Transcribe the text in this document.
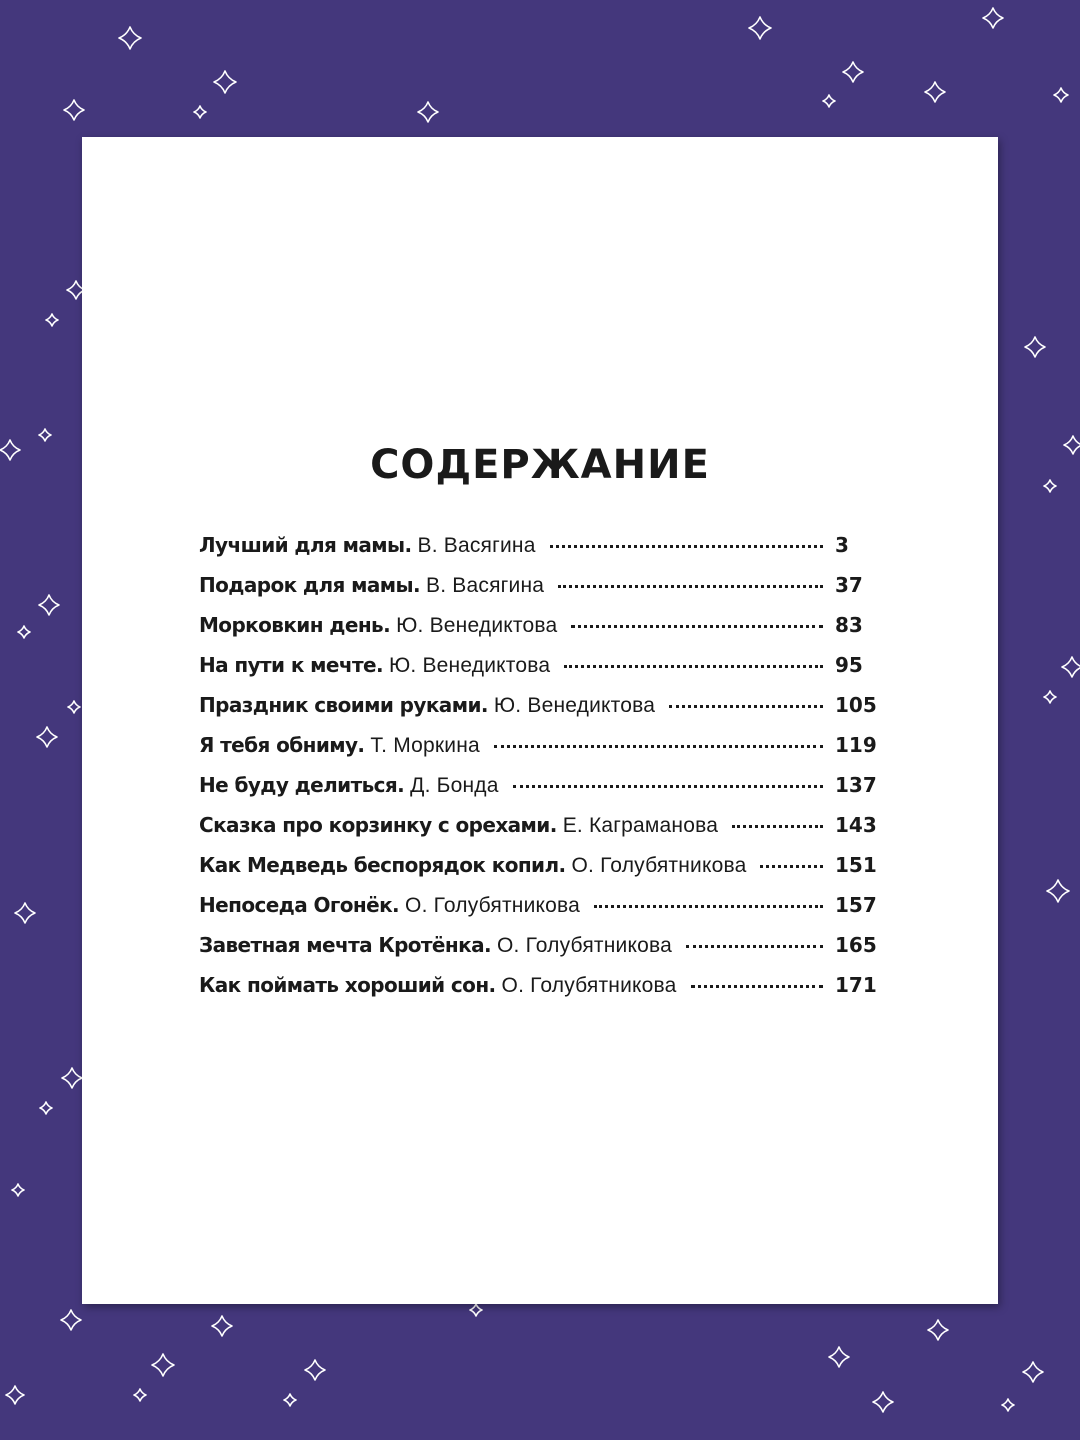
СОДЕРЖАНИЕ
Лучший для мамы. В. Васягина	3
Подарок для мамы. В. Васягина	37
Морковкин день. Ю. Венедиктова	83
На пути к мечте. Ю. Венедиктова	95
Праздник своими руками. Ю. Венедиктова	105
Я тебя обниму. Т. Моркина	119
Не буду делиться. Д. Бонда	137
Сказка про корзинку с орехами. Е. Каграманова	143
Как Медведь беспорядок копил. О. Голубятникова	151
Непоседа Огонёк. О. Голубятникова	157
Заветная мечта Кротёнка. О. Голубятникова	165
Как поймать хороший сон. О. Голубятникова	171
